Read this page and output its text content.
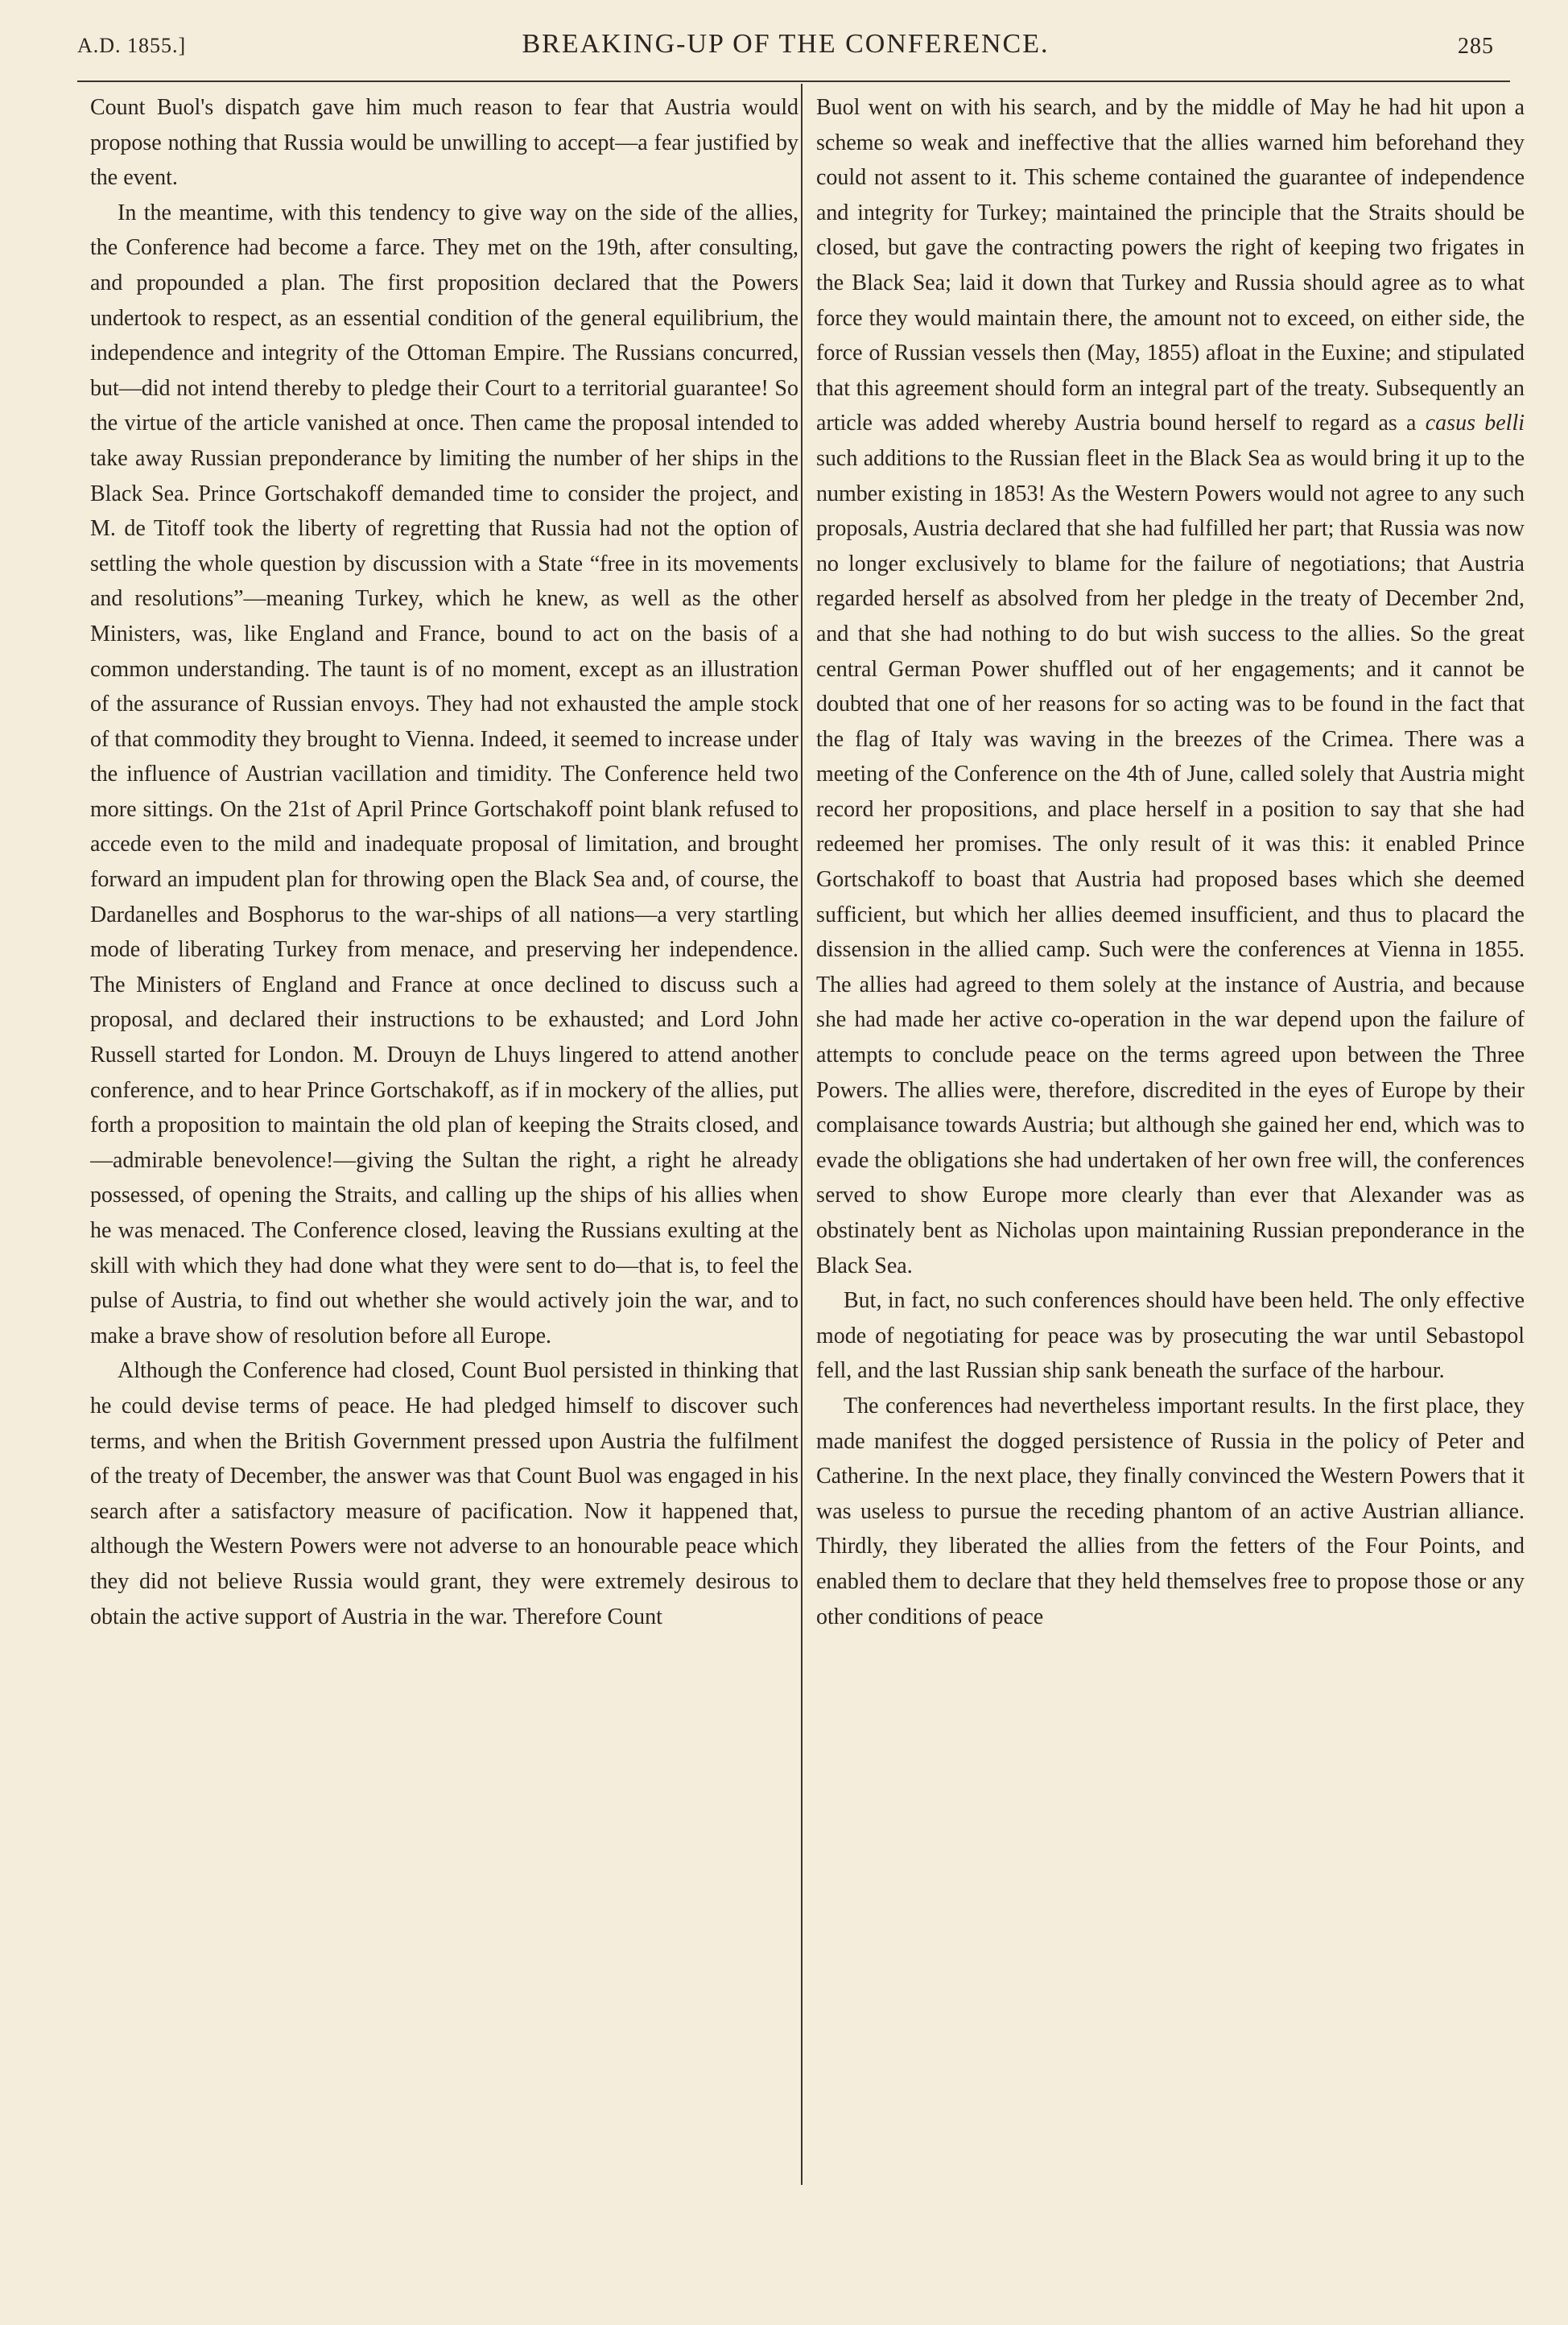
A.D. 1855.]	BREAKING-UP OF THE CONFERENCE.	285

Count Buol's dispatch gave him much reason to fear that Austria would propose nothing that Russia would be unwilling to accept—a fear justified by the event.

In the meantime, with this tendency to give way on the side of the allies, the Conference had become a farce. They met on the 19th, after consulting, and propounded a plan. The first proposition declared that the Powers undertook to respect, as an essential condition of the general equilibrium, the independence and integrity of the Ottoman Empire. The Russians concurred, but—did not intend thereby to pledge their Court to a territorial guarantee! So the virtue of the article vanished at once. Then came the proposal intended to take away Russian preponderance by limiting the number of her ships in the Black Sea. Prince Gortschakoff demanded time to consider the project, and M. de Titoff took the liberty of regretting that Russia had not the option of settling the whole question by discussion with a State “free in its movements and resolutions”—meaning Turkey, which he knew, as well as the other Ministers, was, like England and France, bound to act on the basis of a common understanding. The taunt is of no moment, except as an illustration of the assurance of Russian envoys. They had not exhausted the ample stock of that commodity they brought to Vienna. Indeed, it seemed to increase under the influence of Austrian vacillation and timidity. The Conference held two more sittings. On the 21st of April Prince Gortschakoff point blank refused to accede even to the mild and inadequate proposal of limitation, and brought forward an impudent plan for throwing open the Black Sea and, of course, the Dardanelles and Bosphorus to the war-ships of all nations—a very startling mode of liberating Turkey from menace, and preserving her independence. The Ministers of England and France at once declined to discuss such a proposal, and declared their instructions to be exhausted; and Lord John Russell started for London. M. Drouyn de Lhuys lingered to attend another conference, and to hear Prince Gortschakoff, as if in mockery of the allies, put forth a proposition to maintain the old plan of keeping the Straits closed, and—admirable benevolence!—giving the Sultan the right, a right he already possessed, of opening the Straits, and calling up the ships of his allies when he was menaced. The Conference closed, leaving the Russians exulting at the skill with which they had done what they were sent to do—that is, to feel the pulse of Austria, to find out whether she would actively join the war, and to make a brave show of resolution before all Europe.

Although the Conference had closed, Count Buol persisted in thinking that he could devise terms of peace. He had pledged himself to discover such terms, and when the British Government pressed upon Austria the fulfilment of the treaty of December, the answer was that Count Buol was engaged in his search after a satisfactory measure of pacification. Now it happened that, although the Western Powers were not adverse to an honourable peace which they did not believe Russia would grant, they were extremely desirous to obtain the active support of Austria in the war. Therefore Count

Buol went on with his search, and by the middle of May he had hit upon a scheme so weak and ineffective that the allies warned him beforehand they could not assent to it. This scheme contained the guarantee of independence and integrity for Turkey; maintained the principle that the Straits should be closed, but gave the contracting powers the right of keeping two frigates in the Black Sea; laid it down that Turkey and Russia should agree as to what force they would maintain there, the amount not to exceed, on either side, the force of Russian vessels then (May, 1855) afloat in the Euxine; and stipulated that this agreement should form an integral part of the treaty. Subsequently an article was added whereby Austria bound herself to regard as a casus belli such additions to the Russian fleet in the Black Sea as would bring it up to the number existing in 1853! As the Western Powers would not agree to any such proposals, Austria declared that she had fulfilled her part; that Russia was now no longer exclusively to blame for the failure of negotiations; that Austria regarded herself as absolved from her pledge in the treaty of December 2nd, and that she had nothing to do but wish success to the allies. So the great central German Power shuffled out of her engagements; and it cannot be doubted that one of her reasons for so acting was to be found in the fact that the flag of Italy was waving in the breezes of the Crimea. There was a meeting of the Conference on the 4th of June, called solely that Austria might record her propositions, and place herself in a position to say that she had redeemed her promises. The only result of it was this: it enabled Prince Gortschakoff to boast that Austria had proposed bases which she deemed sufficient, but which her allies deemed insufficient, and thus to placard the dissension in the allied camp. Such were the conferences at Vienna in 1855. The allies had agreed to them solely at the instance of Austria, and because she had made her active co-operation in the war depend upon the failure of attempts to conclude peace on the terms agreed upon between the Three Powers. The allies were, therefore, discredited in the eyes of Europe by their complaisance towards Austria; but although she gained her end, which was to evade the obligations she had undertaken of her own free will, the conferences served to show Europe more clearly than ever that Alexander was as obstinately bent as Nicholas upon maintaining Russian preponderance in the Black Sea.

But, in fact, no such conferences should have been held. The only effective mode of negotiating for peace was by prosecuting the war until Sebastopol fell, and the last Russian ship sank beneath the surface of the harbour.

The conferences had nevertheless important results. In the first place, they made manifest the dogged persistence of Russia in the policy of Peter and Catherine. In the next place, they finally convinced the Western Powers that it was useless to pursue the receding phantom of an active Austrian alliance. Thirdly, they liberated the allies from the fetters of the Four Points, and enabled them to declare that they held themselves free to propose those or any other conditions of peace
